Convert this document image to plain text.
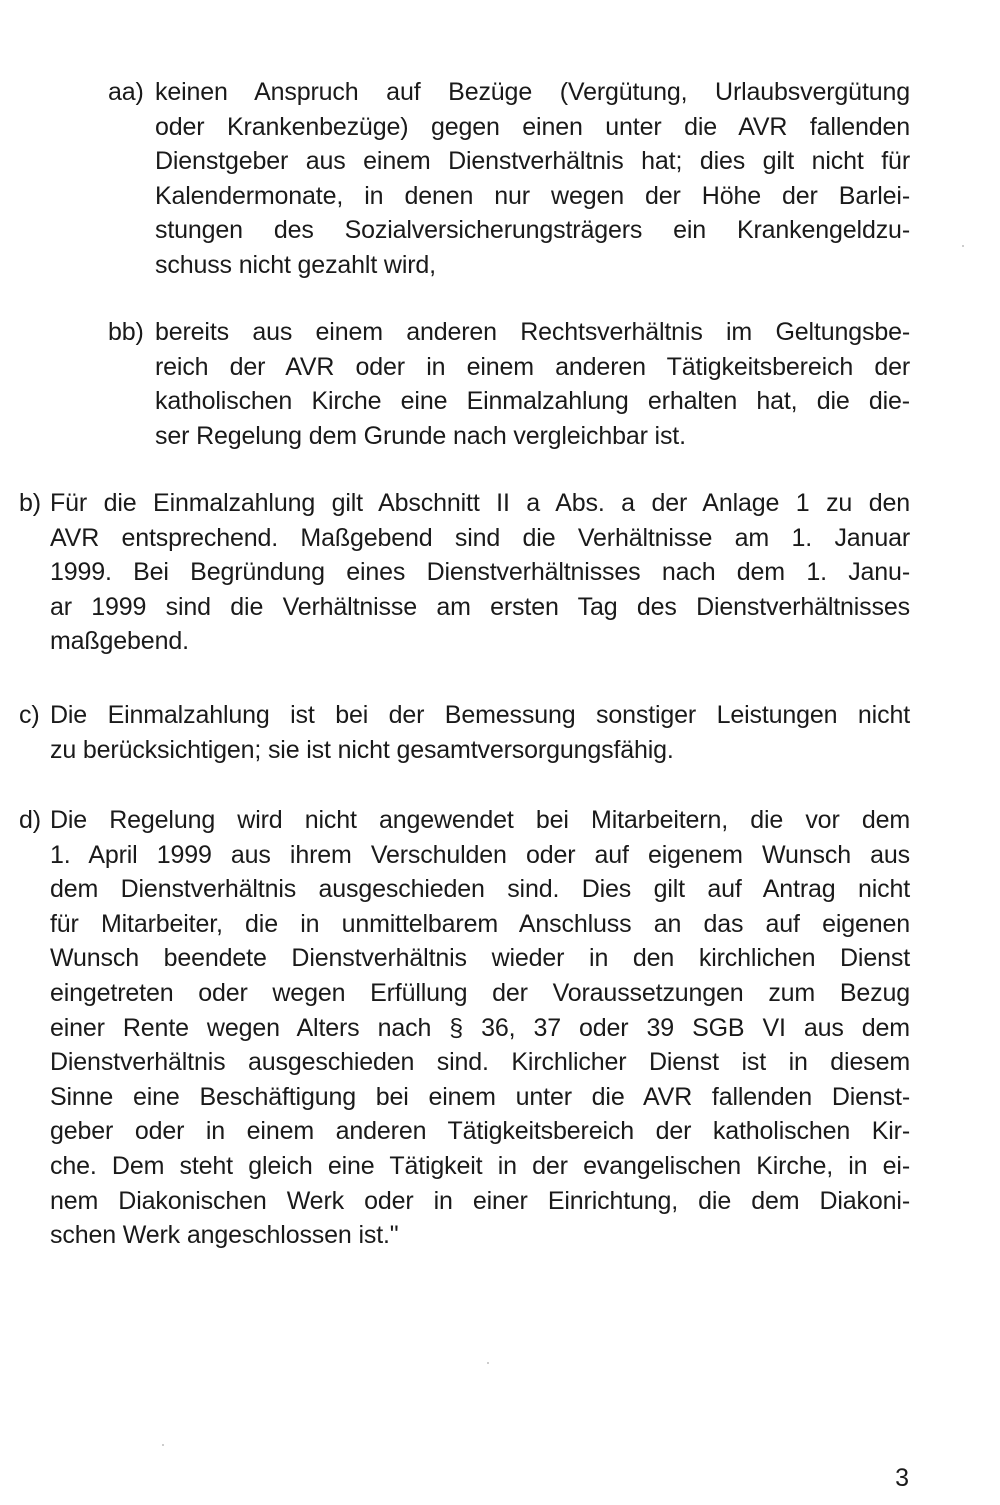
aa) keinen Anspruch auf Bezüge (Vergütung, Urlaubsvergütung
oder Krankenbezüge) gegen einen unter die AVR fallenden
Dienstgeber aus einem Dienstverhältnis hat; dies gilt nicht für
Kalendermonate, in denen nur wegen der Höhe der Barlei-
stungen des Sozialversicherungsträgers ein Krankengeldzu-
schuss nicht gezahlt wird,
bb) bereits aus einem anderen Rechtsverhältnis im Geltungsbe-
reich der AVR oder in einem anderen Tätigkeitsbereich der
katholischen Kirche eine Einmalzahlung erhalten hat, die die-
ser Regelung dem Grunde nach vergleichbar ist.
b) Für die Einmalzahlung gilt Abschnitt II a Abs. a der Anlage 1 zu den
AVR entsprechend. Maßgebend sind die Verhältnisse am 1. Januar
1999. Bei Begründung eines Dienstverhältnisses nach dem 1. Janu-
ar 1999 sind die Verhältnisse am ersten Tag des Dienstverhältnisses
maßgebend.
c) Die Einmalzahlung ist bei der Bemessung sonstiger Leistungen nicht
zu berücksichtigen; sie ist nicht gesamtversorgungsfähig.
d) Die Regelung wird nicht angewendet bei Mitarbeitern, die vor dem
1. April 1999 aus ihrem Verschulden oder auf eigenem Wunsch aus
dem Dienstverhältnis ausgeschieden sind. Dies gilt auf Antrag nicht
für Mitarbeiter, die in unmittelbarem Anschluss an das auf eigenen
Wunsch beendete Dienstverhältnis wieder in den kirchlichen Dienst
eingetreten oder wegen Erfüllung der Voraussetzungen zum Bezug
einer Rente wegen Alters nach § 36, 37 oder 39 SGB VI aus dem
Dienstverhältnis ausgeschieden sind. Kirchlicher Dienst ist in diesem
Sinne eine Beschäftigung bei einem unter die AVR fallenden Dienst-
geber oder in einem anderen Tätigkeitsbereich der katholischen Kir-
che. Dem steht gleich eine Tätigkeit in der evangelischen Kirche, in ei-
nem Diakonischen Werk oder in einer Einrichtung, die dem Diakoni-
schen Werk angeschlossen ist."
3
